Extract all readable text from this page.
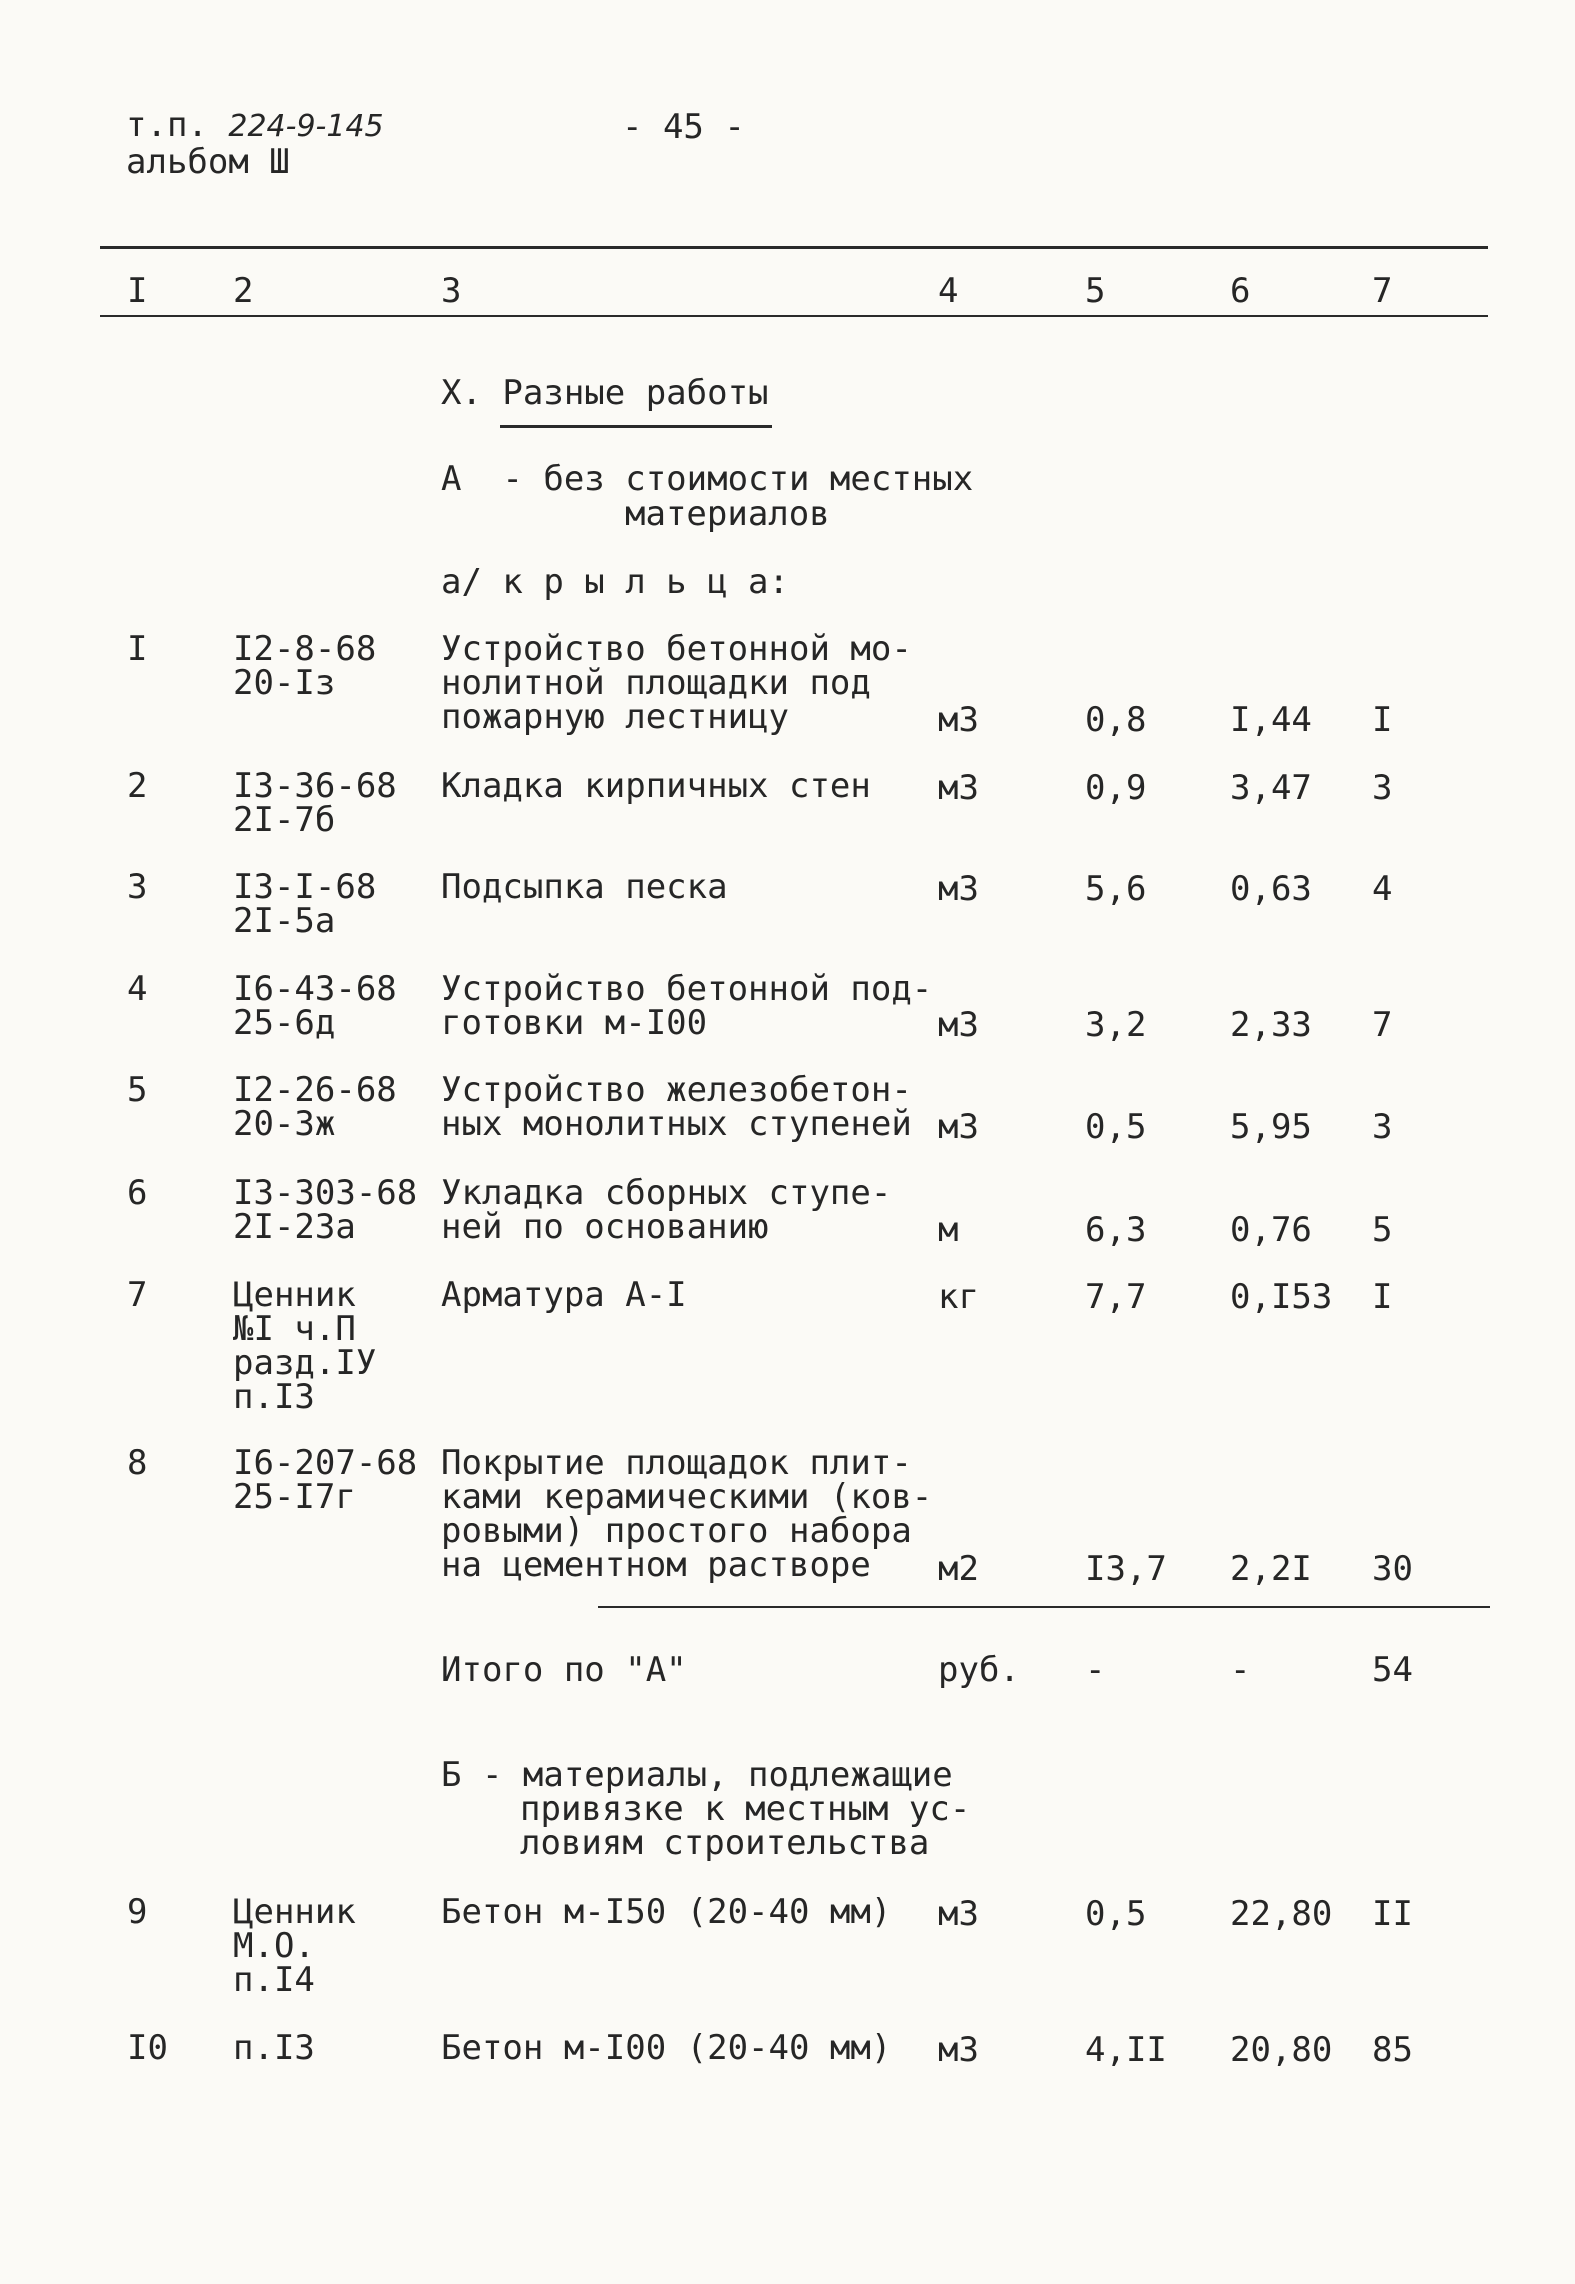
т.п. 224-9-145
альбом Ш
- 45 -
I	2	3	4	5	6	7
Х. Разные работы
А  - без стоимости местных
материалов
а/ к р ы л ь ц а:
I	I2-8-68
20-Iз
Устройство бетонной мо-
нолитной площадки под
пожарную лестницу	м3	0,8 I,44 I
2	I3-36-68
2I-7б
Кладка кирпичных стен м3	0,9 3,47 3
3	I3-I-68
2I-5а
Подсыпка песка	м3	5,6 0,63 4
4	I6-43-68
25-6д
Устройство бетонной под-
готовки м-I00	м3	3,2 2,33 7
5	I2-26-68
20-3ж
Устройство железобетон-
ных монолитных ступеней м3	0,5 5,95 3
6	I3-303-68
2I-23а
Укладка сборных ступе-
ней по основанию	м	6,3 0,76 5
7	Ценник
№I ч.П
разд.IУ
п.I3
Арматура А-I	кг	7,7 0,I53 I
8	I6-207-68
25-I7г
Покрытие площадок плит-
ками керамическими (ков-
ровыми) простого набора
на цементном растворе м2	I3,7 2,2I 30
Итого по "А"	руб. -	-	54
Б - материалы, подлежащие
привязке к местным ус-
ловиям строительства
9	Ценник
М.О.
п.I4
Бетон м-I50 (20-40 мм) м3	0,5 22,80 II
I0 п.I3	Бетон м-I00 (20-40 мм) м3	4,II 20,80 85
